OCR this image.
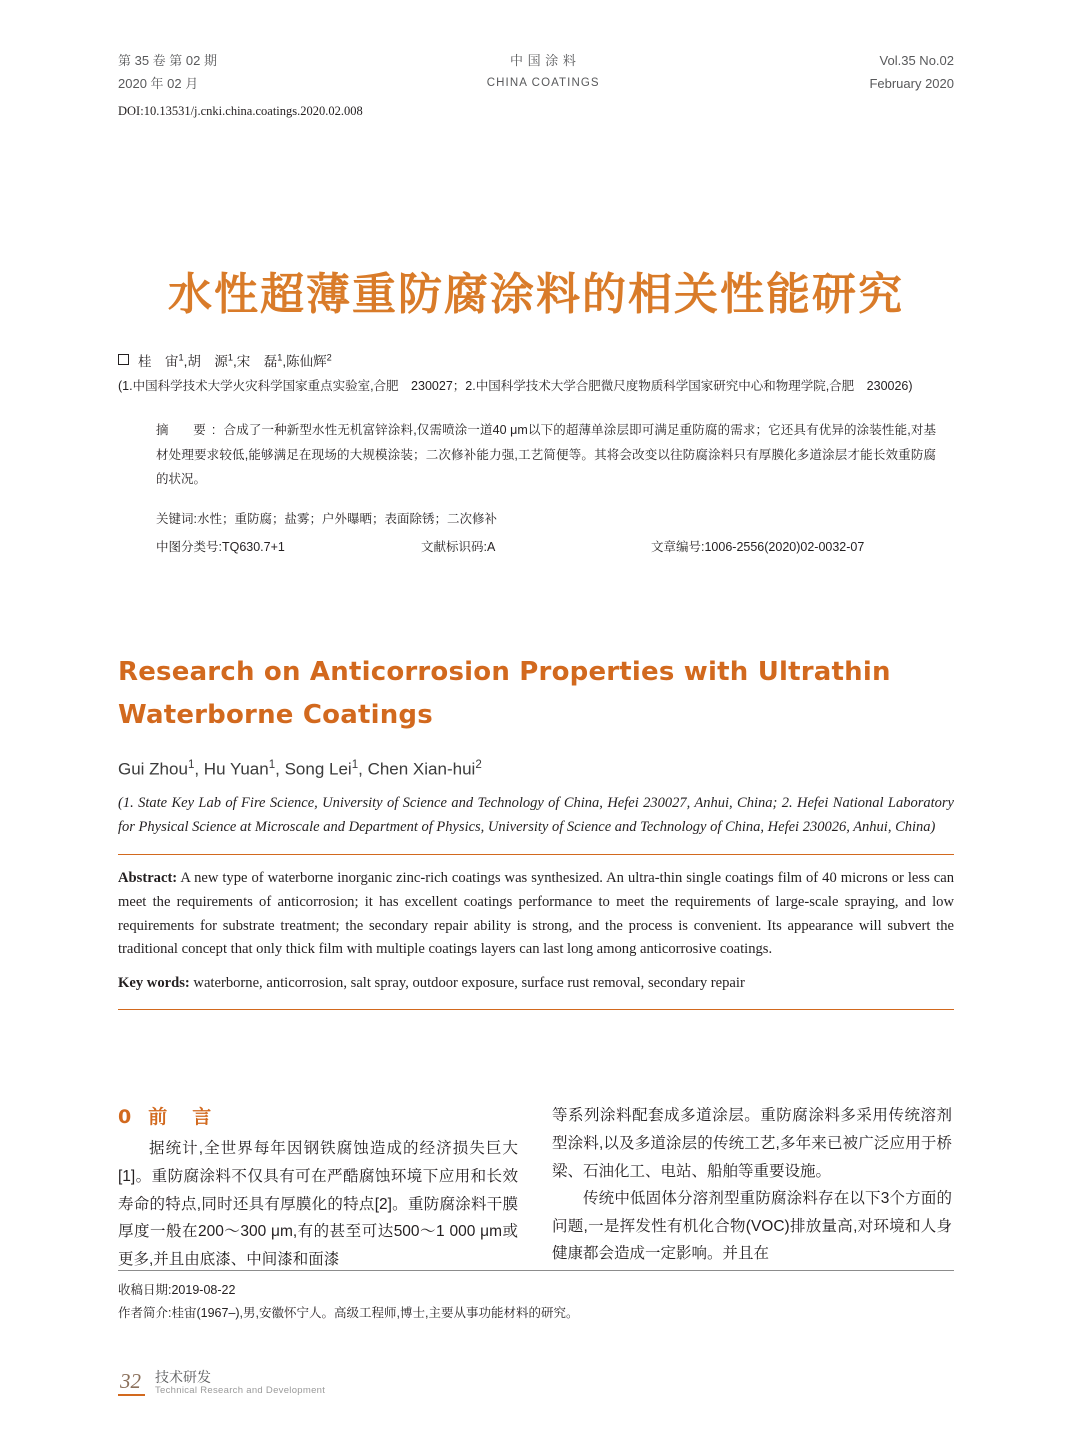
第 35 卷 第 02 期
2020 年 02 月
中 国 涂 料
CHINA COATINGS
Vol.35 No.02
February 2020
DOI:10.13531/j.cnki.china.coatings.2020.02.008
水性超薄重防腐涂料的相关性能研究
桂　宙$^1$,胡　源$^1$,宋　磊$^1$,陈仙辉$^2$
(1.中国科学技术大学火灾科学国家重点实验室,合肥　230027；2.中国科学技术大学合肥微尺度物质科学国家研究中心和物理学院,合肥　230026)
摘　要: 合成了一种新型水性无机富锌涂料,仅需喷涂一道40 μm以下的超薄单涂层即可满足重防腐的需求；它还具有优异的涂装性能,对基材处理要求较低,能够满足在现场的大规模涂装；二次修补能力强,工艺简便等。其将会改变以往防腐涂料只有厚膜化多道涂层才能长效重防腐的状况。
关键词:水性；重防腐；盐雾；户外曝晒；表面除锈；二次修补
中图分类号:TQ630.7+1	文献标识码:A	文章编号:1006-2556(2020)02-0032-07
Research on Anticorrosion Properties with Ultrathin Waterborne Coatings
Gui Zhou$^1$, Hu Yuan$^1$, Song Lei$^1$, Chen Xian-hui$^2$
(1. State Key Lab of Fire Science, University of Science and Technology of China, Hefei 230027, Anhui, China; 2. Hefei National Laboratory for Physical Science at Microscale and Department of Physics, University of Science and Technology of China, Hefei 230026, Anhui, China)
Abstract: A new type of waterborne inorganic zinc-rich coatings was synthesized. An ultra-thin single coatings film of 40 microns or less can meet the requirements of anticorrosion; it has excellent coatings performance to meet the requirements of large-scale spraying, and low requirements for substrate treatment; the secondary repair ability is strong, and the process is convenient. Its appearance will subvert the traditional concept that only thick film with multiple coatings layers can last long among anticorrosive coatings.
Key words: waterborne, anticorrosion, salt spray, outdoor exposure, surface rust removal, secondary repair
0 前　言

据统计,全世界每年因钢铁腐蚀造成的经济损失巨大[1]。重防腐涂料不仅具有可在严酷腐蚀环境下应用和长效寿命的特点,同时还具有厚膜化的特点[2]。重防腐涂料干膜厚度一般在200～300 μm,有的甚至可达500～1 000 μm或更多,并且由底漆、中间漆和面漆

等系列涂料配套成多道涂层。重防腐涂料多采用传统溶剂型涂料,以及多道涂层的传统工艺,多年来已被广泛应用于桥梁、石油化工、电站、船舶等重要设施。

传统中低固体分溶剂型重防腐涂料存在以下3个方面的问题,一是挥发性有机化合物(VOC)排放量高,对环境和人身健康都会造成一定影响。并且在

收稿日期:2019-08-22
作者简介:桂宙(1967–),男,安徽怀宁人。高级工程师,博士,主要从事功能材料的研究。
32 技术研发
Technical Research and Development
